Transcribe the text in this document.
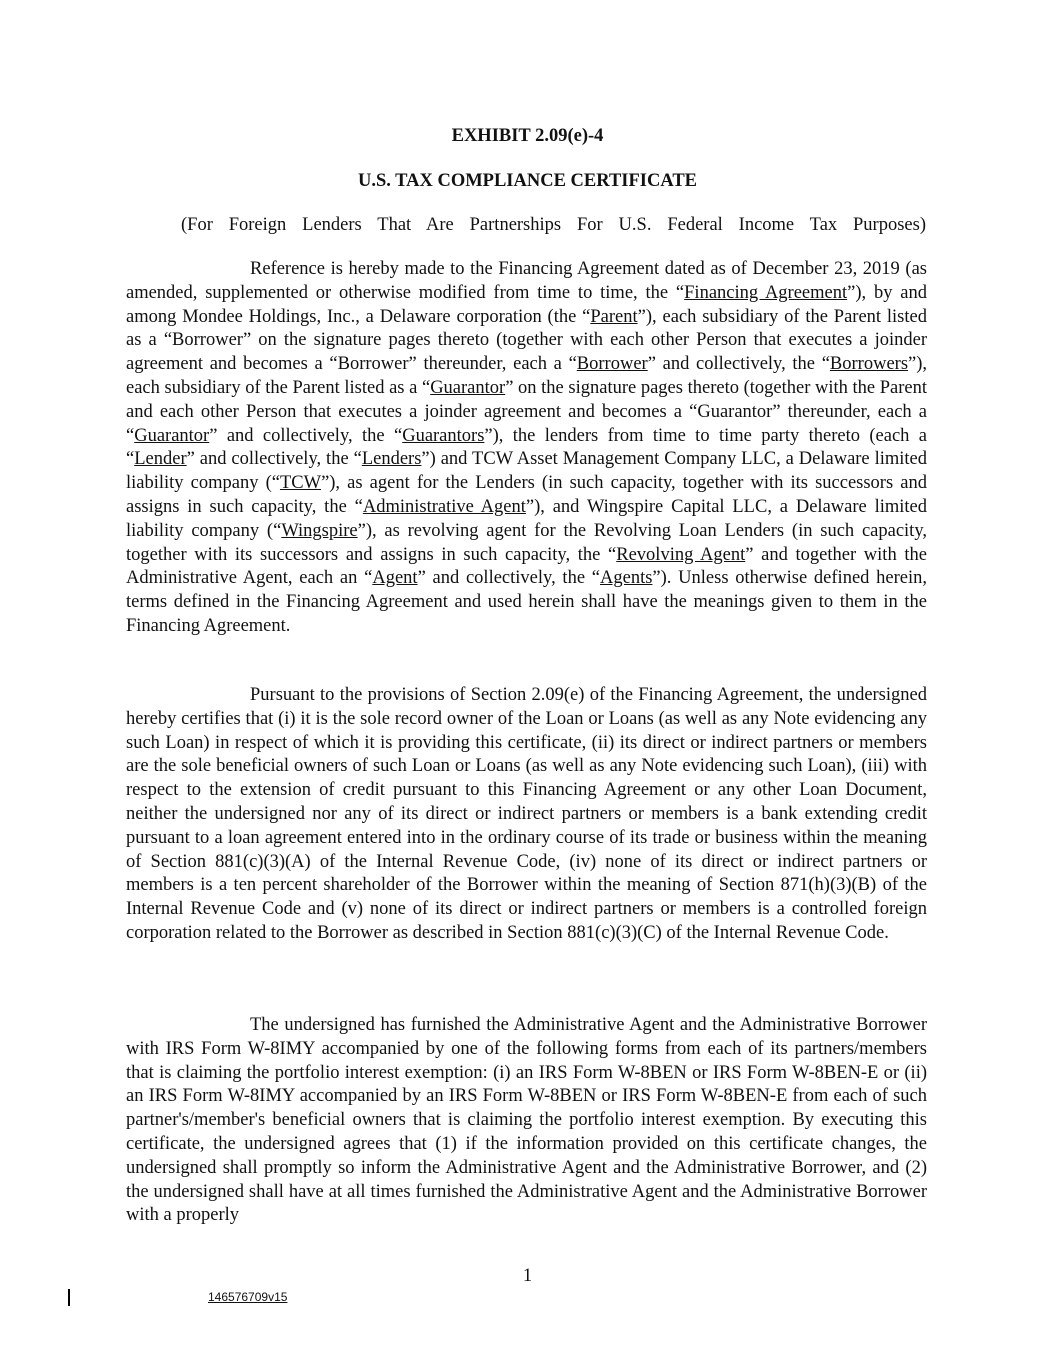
EXHIBIT 2.09(e)-4
U.S. TAX COMPLIANCE CERTIFICATE
(For Foreign Lenders That Are Partnerships For U.S. Federal Income Tax Purposes)

Reference is hereby made to the Financing Agreement dated as of December 23, 2019 (as amended, supplemented or otherwise modified from time to time, the “Financing Agreement”), by and among Mondee Holdings, Inc., a Delaware corporation (the “Parent”), each subsidiary of the Parent listed as a “Borrower” on the signature pages thereto (together with each other Person that executes a joinder agreement and becomes a “Borrower” thereunder, each a “Borrower” and collectively, the “Borrowers”), each subsidiary of the Parent listed as a “Guarantor” on the signature pages thereto (together with the Parent and each other Person that executes a joinder agreement and becomes a “Guarantor” thereunder, each a “Guarantor” and collectively, the “Guarantors”), the lenders from time to time party thereto (each a “Lender” and collectively, the “Lenders”) and TCW Asset Management Company LLC, a Delaware limited liability company (“TCW”), as agent for the Lenders (in such capacity, together with its successors and assigns in such capacity, the “Administrative Agent”), and Wingspire Capital LLC, a Delaware limited liability company (“Wingspire”), as revolving agent for the Revolving Loan Lenders (in such capacity, together with its successors and assigns in such capacity, the “Revolving Agent” and together with the Administrative Agent, each an “Agent” and collectively, the “Agents”). Unless otherwise defined herein, terms defined in the Financing Agreement and used herein shall have the meanings given to them in the Financing Agreement.

Pursuant to the provisions of Section 2.09(e) of the Financing Agreement, the undersigned hereby certifies that (i) it is the sole record owner of the Loan or Loans (as well as any Note evidencing any such Loan) in respect of which it is providing this certificate, (ii) its direct or indirect partners or members are the sole beneficial owners of such Loan or Loans (as well as any Note evidencing such Loan), (iii) with respect to the extension of credit pursuant to this Financing Agreement or any other Loan Document, neither the undersigned nor any of its direct or indirect partners or members is a bank extending credit pursuant to a loan agreement entered into in the ordinary course of its trade or business within the meaning of Section 881(c)(3)(A) of the Internal Revenue Code, (iv) none of its direct or indirect partners or members is a ten percent shareholder of the Borrower within the meaning of Section 871(h)(3)(B) of the Internal Revenue Code and (v) none of its direct or indirect partners or members is a controlled foreign corporation related to the Borrower as described in Section 881(c)(3)(C) of the Internal Revenue Code.

The undersigned has furnished the Administrative Agent and the Administrative Borrower with IRS Form W-8IMY accompanied by one of the following forms from each of its partners/members that is claiming the portfolio interest exemption: (i) an IRS Form W-8BEN or IRS Form W-8BEN-E or (ii) an IRS Form W-8IMY accompanied by an IRS Form W-8BEN or IRS Form W-8BEN-E from each of such partner's/member's beneficial owners that is claiming the portfolio interest exemption. By executing this certificate, the undersigned agrees that (1) if the information provided on this certificate changes, the undersigned shall promptly so inform the Administrative Agent and the Administrative Borrower, and (2) the undersigned shall have at all times furnished the Administrative Agent and the Administrative Borrower with a properly

1
146576709v15
